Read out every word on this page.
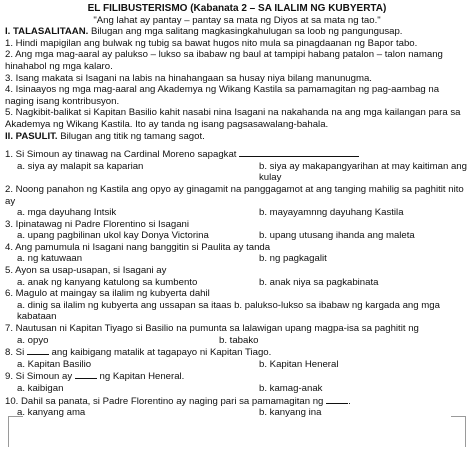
EL FILIBUSTERISMO (Kabanata 2 – SA ILALIM NG KUBYERTA)
"Ang lahat ay pantay – pantay sa mata ng Diyos at sa mata ng tao."
I. TALASALITAAN. Bilugan ang mga salitang magkasingkahulugan sa loob ng pangungusap.
1. Hindi mapigilan ang bulwak ng tubig sa bawat hugos nito mula sa pinagdaanan ng Bapor tabo.
2. Ang mga mag-aaral ay palukso – lukso sa ibabaw ng baul at tampipi habang patalon – talon namang hinahabol ng mga kalaro.
3. Isang makata si Isagani na labis na hinahangaan sa husay niya bilang manunugma.
4. Isinaayos ng mga mag-aaral ang Akademya ng Wikang Kastila sa pamamagitan ng pag-aambag na naging isang kontribusyon.
5. Nagkibit-balikat si Kapitan Basilio kahit nasabi nina Isagani na nakahanda na ang mga kailangan para sa Akademya ng Wikang Kastila. Ito ay tanda ng isang pagsasawalang-bahala.
II. PASULIT. Bilugan ang titik ng tamang sagot.
1. Si Simoun ay tinawag na Cardinal Moreno sapagkat
a. siya ay malapit sa kaparian	b. siya ay makapangyarihan at may kaitiman ang kulay
2. Noong panahon ng Kastila ang opyo ay ginagamit na panggagamot at ang tanging mahilig sa paghitit nito ay
a. mga dayuhang Intsik	b. mayayamnng dayuhang Kastila
3. Ipinatawag ni Padre Florentino si Isagani
a. upang pagbilinan ukol kay Donya Victorina	b. upang utusang ihanda ang maleta
4. Ang pamumula ni Isagani nang banggitin si Paulita ay tanda
a. ng katuwaan	b. ng pagkagalit
5. Ayon sa usap-usapan, si Isagani ay
a. anak ng kanyang katulong sa kumbento	b. anak niya sa pagkabinata
6. Magulo at maingay sa ilalim ng kubyerta dahil
a. dinig sa ilalim ng kubyerta ang ussapan sa itaas b. palukso-lukso sa ibabaw ng kargada ang mga kabataan
7. Nautusan ni Kapitan Tiyago si Basilio na pumunta sa lalawigan upang magpa-isa sa paghitit ng
a. opyo	b. tabako
8. Si  ang kaibigang matalik at tagapayo ni Kapitan Tiago.
a. Kapitan Basilio	b. Kapitan Heneral
9. Si Simoun ay  ng Kapitan Heneral.
a. kaibigan	b. kamag-anak
10. Dahil sa panata, si Padre Florentino ay naging pari sa pamamagitan ng .
a. kanyang ama	b. kanyang ina
